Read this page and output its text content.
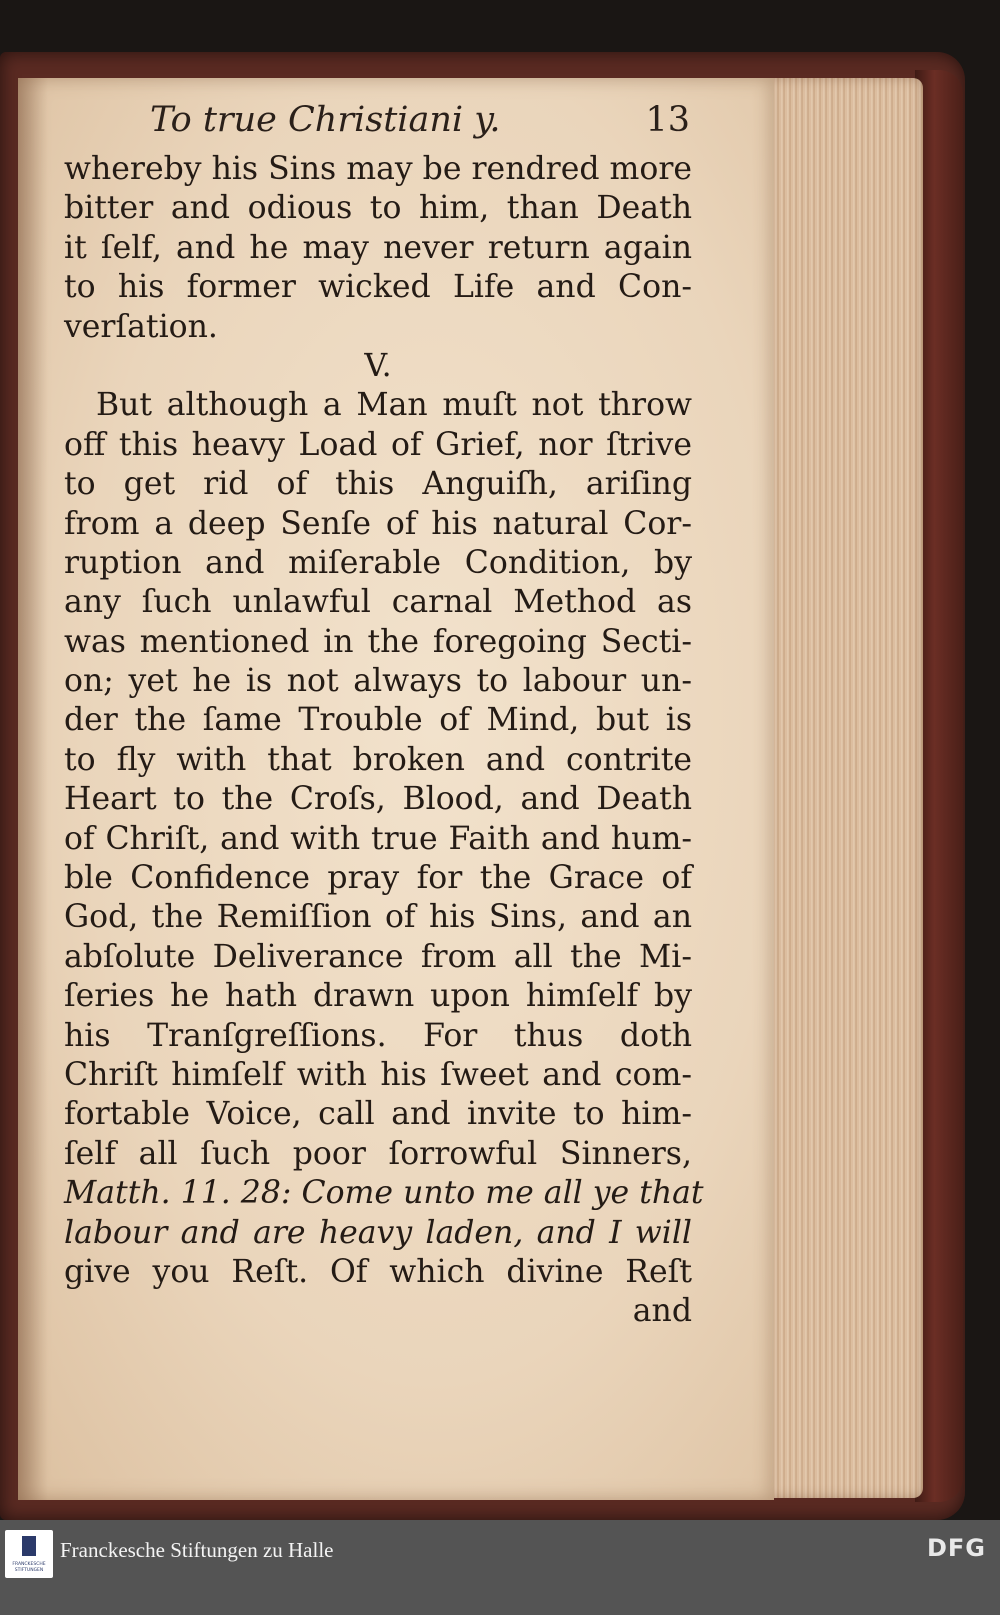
To true Christiani y.	13
whereby his Sins may be rendred more
bitter and odious to him, than Death
it ſelf, and he may never return again
to his former wicked Life and Con-
verſation.
V.
But although a Man muſt not throw
off this heavy Load of Grief, nor ſtrive
to get rid of this Anguiſh, ariſing
from a deep Senſe of his natural Cor-
ruption and miſerable Condition, by
any ſuch unlawful carnal Method as
was mentioned in the foregoing Secti-
on; yet he is not always to labour un-
der the ſame Trouble of Mind, but is
to fly with that broken and contrite
Heart to the Croſs, Blood, and Death
of Chriſt, and with true Faith and hum-
ble Confidence pray for the Grace of
God, the Remiſſion of his Sins, and an
abſolute Deliverance from all the Mi-
ſeries he hath drawn upon himſelf by
his Tranſgreſſions. For thus doth
Chriſt himſelf with his ſweet and com-
fortable Voice, call and invite to him-
ſelf all ſuch poor ſorrowful Sinners,
Matth. 11. 28: Come unto me all ye that
labour and are heavy laden, and I will
give you Reſt. Of which divine Reſt
and
FRANCKESCHE STIFTUNGEN
Franckesche Stiftungen zu Halle	DFG
